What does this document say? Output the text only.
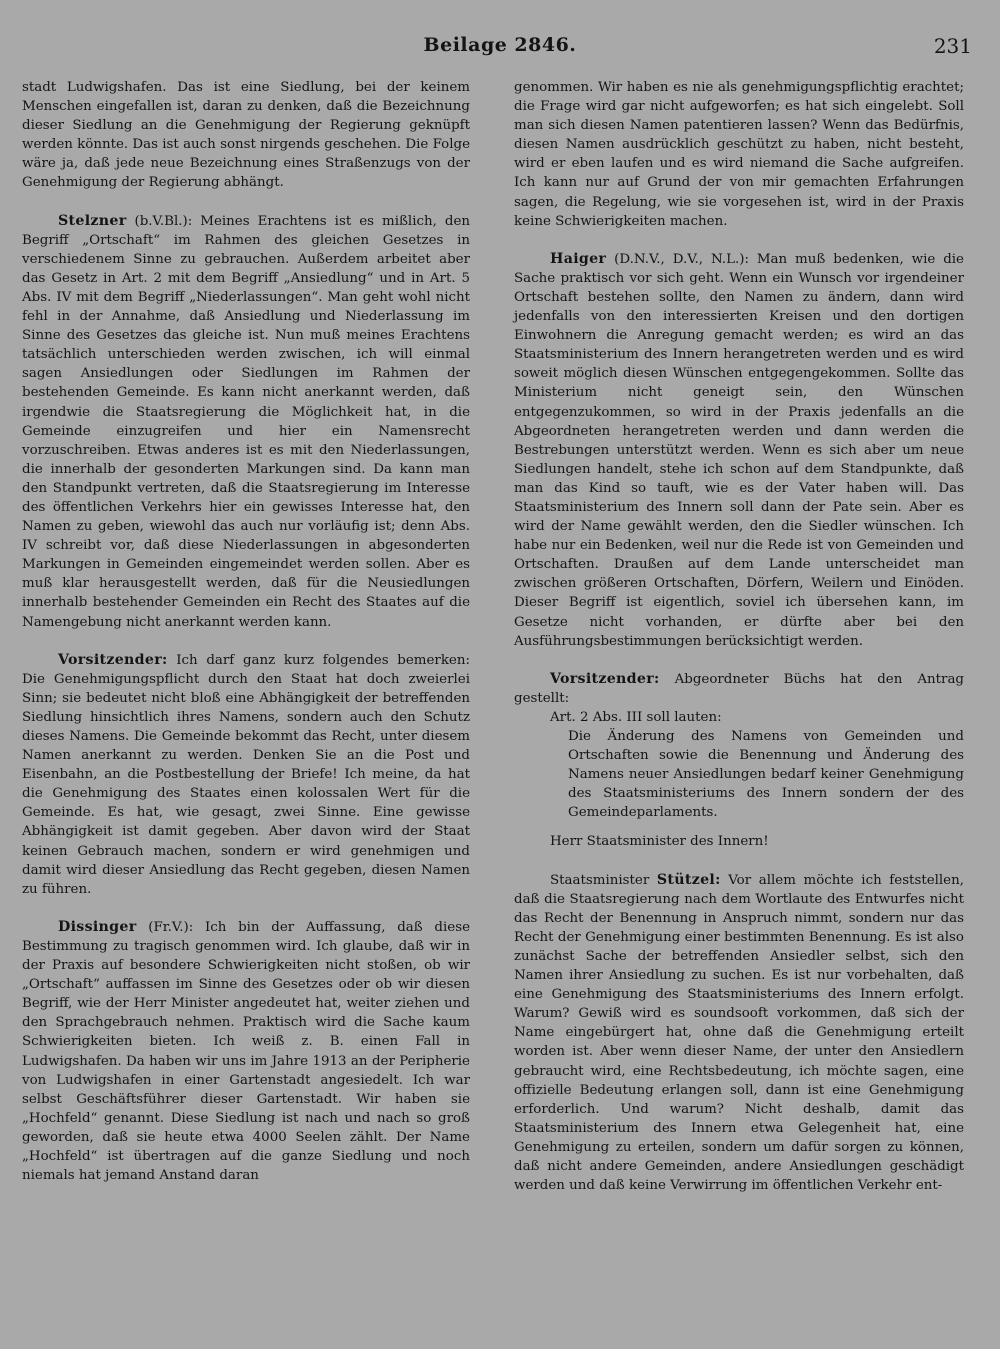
Beilage 2846.	231

stadt Ludwigshafen. Das ist eine Siedlung, bei der keinem Menschen eingefallen ist, daran zu denken, daß die Bezeichnung dieser Siedlung an die Genehmigung der Regierung geknüpft werden könnte. Das ist auch sonst nirgends geschehen. Die Folge wäre ja, daß jede neue Bezeichnung eines Straßenzugs von der Genehmigung der Regierung abhängt.

Stelzner (b.V.Bl.): Meines Erachtens ist es mißlich, den Begriff „Ortschaft“ im Rahmen des gleichen Gesetzes in verschiedenem Sinne zu gebrauchen. Außerdem arbeitet aber das Gesetz in Art. 2 mit dem Begriff „Ansiedlung“ und in Art. 5 Abs. IV mit dem Begriff „Niederlassungen“. Man geht wohl nicht fehl in der Annahme, daß Ansiedlung und Niederlassung im Sinne des Gesetzes das gleiche ist. Nun muß meines Erachtens tatsächlich unterschieden werden zwischen, ich will einmal sagen Ansiedlungen oder Siedlungen im Rahmen der bestehenden Gemeinde. Es kann nicht anerkannt werden, daß irgendwie die Staatsregierung die Möglichkeit hat, in die Gemeinde einzugreifen und hier ein Namensrecht vorzuschreiben. Etwas anderes ist es mit den Niederlassungen, die innerhalb der gesonderten Markungen sind. Da kann man den Standpunkt vertreten, daß die Staatsregierung im Interesse des öffentlichen Verkehrs hier ein gewisses Interesse hat, den Namen zu geben, wiewohl das auch nur vorläufig ist; denn Abs. IV schreibt vor, daß diese Niederlassungen in abgesonderten Markungen in Gemeinden eingemeindet werden sollen. Aber es muß klar herausgestellt werden, daß für die Neusiedlungen innerhalb bestehender Gemeinden ein Recht des Staates auf die Namengebung nicht anerkannt werden kann.

Vorsitzender: Ich darf ganz kurz folgendes bemerken: Die Genehmigungspflicht durch den Staat hat doch zweierlei Sinn; sie bedeutet nicht bloß eine Abhängigkeit der betreffenden Siedlung hinsichtlich ihres Namens, sondern auch den Schutz dieses Namens. Die Gemeinde bekommt das Recht, unter diesem Namen anerkannt zu werden. Denken Sie an die Post und Eisenbahn, an die Postbestellung der Briefe! Ich meine, da hat die Genehmigung des Staates einen kolossalen Wert für die Gemeinde. Es hat, wie gesagt, zwei Sinne. Eine gewisse Abhängigkeit ist damit gegeben. Aber davon wird der Staat keinen Gebrauch machen, sondern er wird genehmigen und damit wird dieser Ansiedlung das Recht gegeben, diesen Namen zu führen.

Dissinger (Fr.V.): Ich bin der Auffassung, daß diese Bestimmung zu tragisch genommen wird. Ich glaube, daß wir in der Praxis auf besondere Schwierigkeiten nicht stoßen, ob wir „Ortschaft“ auffassen im Sinne des Gesetzes oder ob wir diesen Begriff, wie der Herr Minister angedeutet hat, weiter ziehen und den Sprachgebrauch nehmen. Praktisch wird die Sache kaum Schwierigkeiten bieten. Ich weiß z. B. einen Fall in Ludwigshafen. Da haben wir uns im Jahre 1913 an der Peripherie von Ludwigshafen in einer Gartenstadt angesiedelt. Ich war selbst Geschäftsführer dieser Gartenstadt. Wir haben sie „Hochfeld“ genannt. Diese Siedlung ist nach und nach so groß geworden, daß sie heute etwa 4000 Seelen zählt. Der Name „Hochfeld“ ist übertragen auf die ganze Siedlung und noch niemals hat jemand Anstand daran

genommen. Wir haben es nie als genehmigungspflichtig erachtet; die Frage wird gar nicht aufgeworfen; es hat sich eingelebt. Soll man sich diesen Namen patentieren lassen? Wenn das Bedürfnis, diesen Namen ausdrücklich geschützt zu haben, nicht besteht, wird er eben laufen und es wird niemand die Sache aufgreifen. Ich kann nur auf Grund der von mir gemachten Erfahrungen sagen, die Regelung, wie sie vorgesehen ist, wird in der Praxis keine Schwierigkeiten machen.

Haiger (D.N.V., D.V., N.L.): Man muß bedenken, wie die Sache praktisch vor sich geht. Wenn ein Wunsch vor irgendeiner Ortschaft bestehen sollte, den Namen zu ändern, dann wird jedenfalls von den interessierten Kreisen und den dortigen Einwohnern die Anregung gemacht werden; es wird an das Staatsministerium des Innern herangetreten werden und es wird soweit möglich diesen Wünschen entgegengekommen. Sollte das Ministerium nicht geneigt sein, den Wünschen entgegenzukommen, so wird in der Praxis jedenfalls an die Abgeordneten herangetreten werden und dann werden die Bestrebungen unterstützt werden. Wenn es sich aber um neue Siedlungen handelt, stehe ich schon auf dem Standpunkte, daß man das Kind so tauft, wie es der Vater haben will. Das Staatsministerium des Innern soll dann der Pate sein. Aber es wird der Name gewählt werden, den die Siedler wünschen. Ich habe nur ein Bedenken, weil nur die Rede ist von Gemeinden und Ortschaften. Draußen auf dem Lande unterscheidet man zwischen größeren Ortschaften, Dörfern, Weilern und Einöden. Dieser Begriff ist eigentlich, soviel ich übersehen kann, im Gesetze nicht vorhanden, er dürfte aber bei den Ausführungsbestimmungen berücksichtigt werden.

Vorsitzender: Abgeordneter Büchs hat den Antrag gestellt:

Art. 2 Abs. III soll lauten:

Die Änderung des Namens von Gemeinden und Ortschaften sowie die Benennung und Änderung des Namens neuer Ansiedlungen bedarf keiner Genehmigung des Staatsministeriums des Innern sondern der des Gemeindeparlaments.

Herr Staatsminister des Innern!

Staatsminister Stützel: Vor allem möchte ich feststellen, daß die Staatsregierung nach dem Wortlaute des Entwurfes nicht das Recht der Benennung in Anspruch nimmt, sondern nur das Recht der Genehmigung einer bestimmten Benennung. Es ist also zunächst Sache der betreffenden Ansiedler selbst, sich den Namen ihrer Ansiedlung zu suchen. Es ist nur vorbehalten, daß eine Genehmigung des Staatsministeriums des Innern erfolgt. Warum? Gewiß wird es soundsooft vorkommen, daß sich der Name eingebürgert hat, ohne daß die Genehmigung erteilt worden ist. Aber wenn dieser Name, der unter den Ansiedlern gebraucht wird, eine Rechtsbedeutung, ich möchte sagen, eine offizielle Bedeutung erlangen soll, dann ist eine Genehmigung erforderlich. Und warum? Nicht deshalb, damit das Staatsministerium des Innern etwa Gelegenheit hat, eine Genehmigung zu erteilen, sondern um dafür sorgen zu können, daß nicht andere Gemeinden, andere Ansiedlungen geschädigt werden und daß keine Verwirrung im öffentlichen Verkehr ent-
